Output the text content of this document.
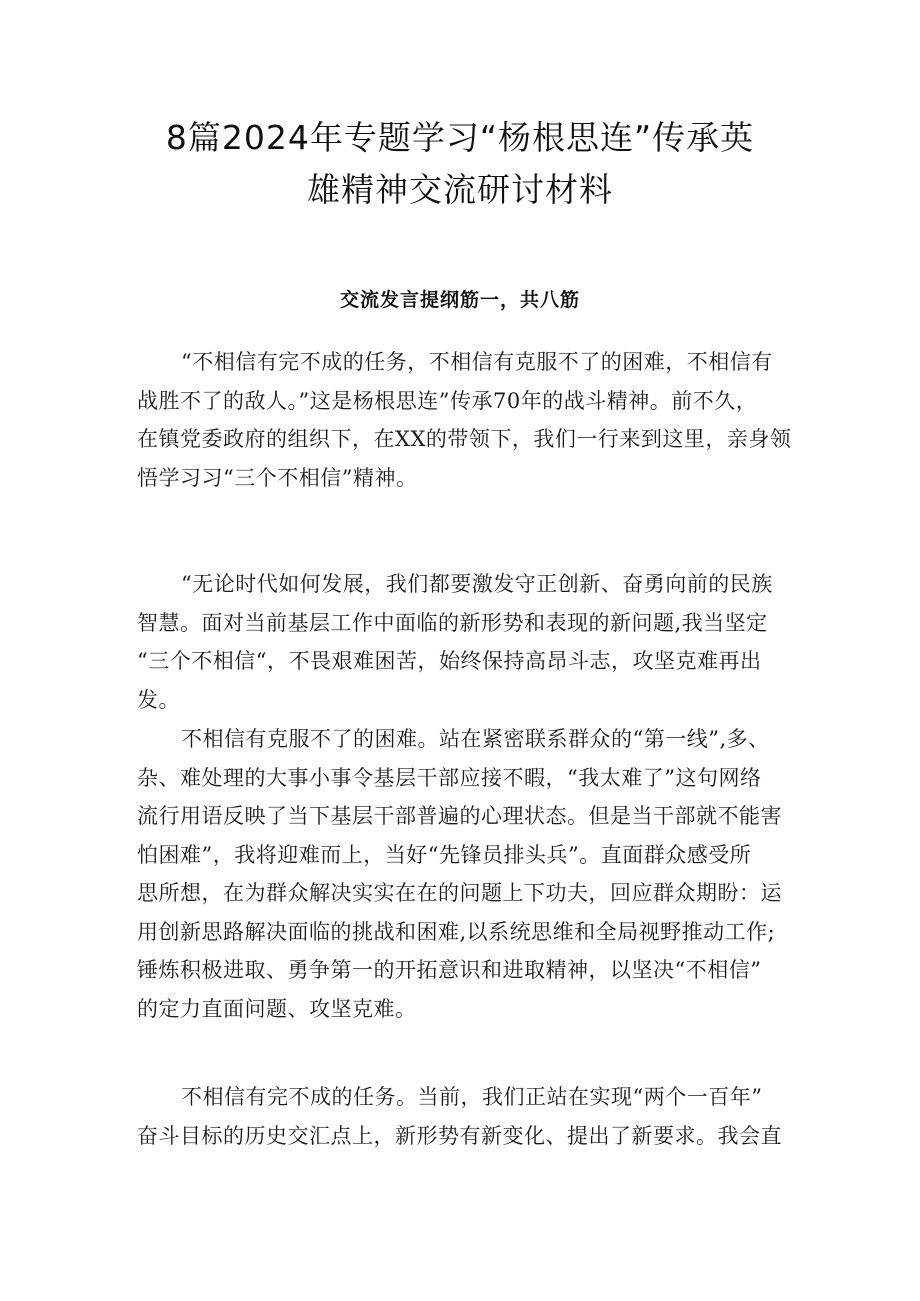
8篇2024年专题学习“杨根思连”传承英
雄精神交流研讨材料
交流发言提纲筋一，共八筋

“不相信有完不成的任务，不相信有克服不了的困难，不相信有
战胜不了的敌人。”这是杨根思连”传承70年的战斗精神。前不久，
在镇党委政府的组织下，在XX的带领下，我们一行来到这里，亲身领
悟学习习“三个不相信”精神。

“无论时代如何发展，我们都要激发守正创新、奋勇向前的民族
智慧。面对当前基层工作中面临的新形势和表现的新问题,我当坚定
“三个不相信“，不畏艰难困苦，始终保持高昂斗志，攻坚克难再出
发。

不相信有克服不了的困难。站在紧密联系群众的“第一线”,多、
杂、难处理的大事小事令基层干部应接不暇，“我太难了”这句网络
流行用语反映了当下基层干部普遍的心理状态。但是当干部就不能害
怕困难”，我将迎难而上，当好“先锋员排头兵”。直面群众感受所
思所想，在为群众解决实实在在的问题上下功夫，回应群众期盼：运
用创新思路解决面临的挑战和困难,以系统思维和全局视野推动工作;
锤炼积极进取、勇争第一的开拓意识和进取精神，以坚决“不相信”
的定力直面问题、攻坚克难。

不相信有完不成的任务。当前，我们正站在实现“两个一百年”
奋斗目标的历史交汇点上，新形势有新变化、提出了新要求。我会直
